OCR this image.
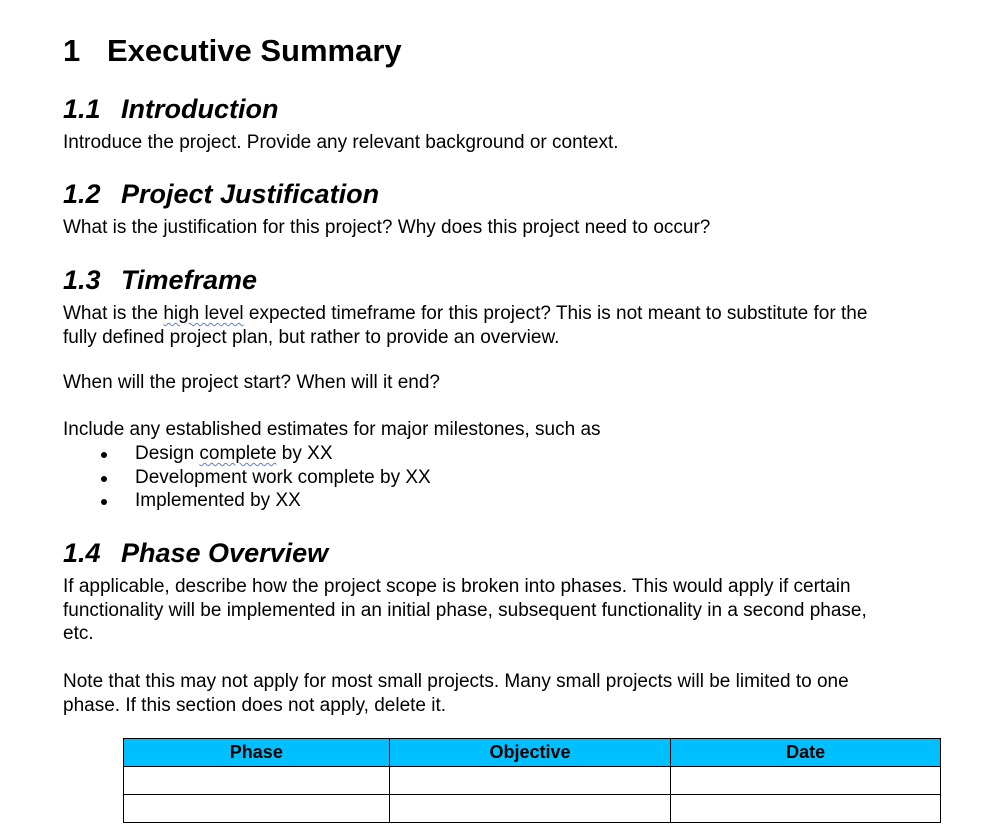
1 Executive Summary
1.1 Introduction

Introduce the project. Provide any relevant background or context.

1.2 Project Justification

What is the justification for this project? Why does this project need to occur?

1.3 Timeframe

What is the high level expected timeframe for this project? This is not meant to substitute for the
fully defined project plan, but rather to provide an overview.

When will the project start? When will it end?

Include any established estimates for major milestones, such as

Design complete by XX
Development work complete by XX
Implemented by XX
1.4 Phase Overview

If applicable, describe how the project scope is broken into phases. This would apply if certain
functionality will be implemented in an initial phase, subsequent functionality in a second phase,
etc.

Note that this may not apply for most small projects. Many small projects will be limited to one
phase. If this section does not apply, delete it.

Phase	Objective	Date
